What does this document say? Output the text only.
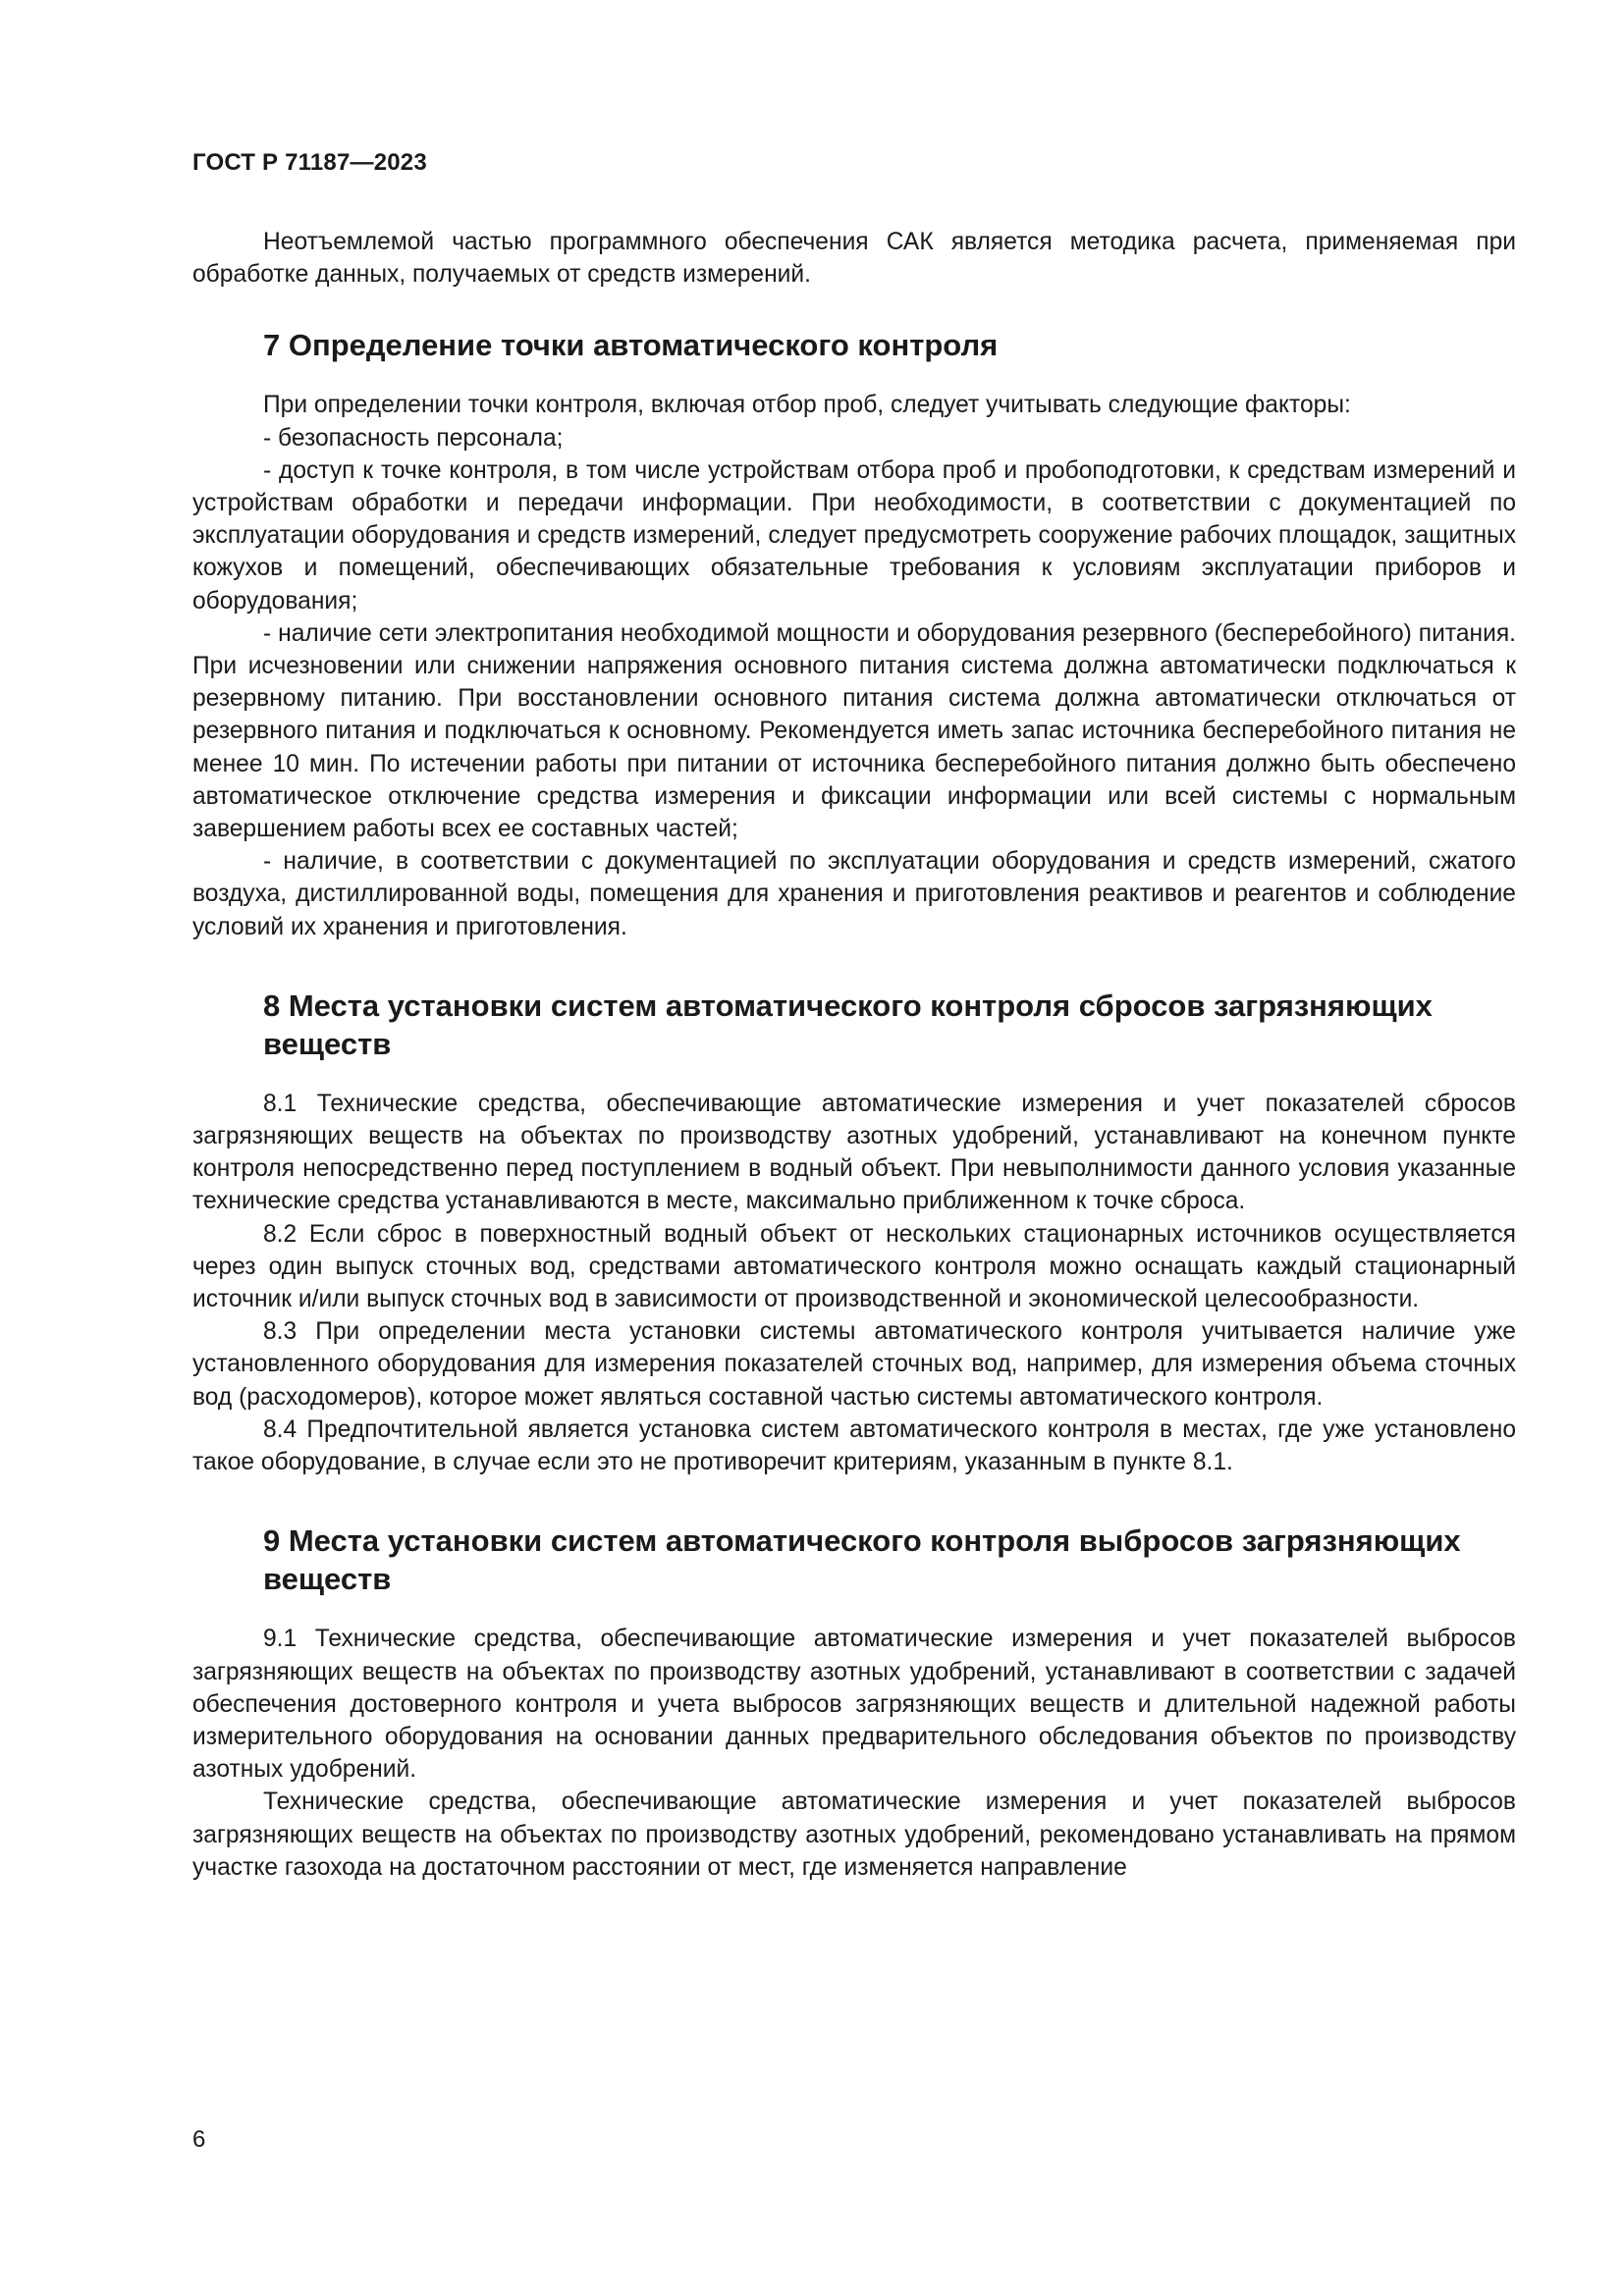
ГОСТ Р 71187—2023

Неотъемлемой частью программного обеспечения САК является методика расчета, применяемая при обработке данных, получаемых от средств измерений.

7 Определение точки автоматического контроля

При определении точки контроля, включая отбор проб, следует учитывать следующие факторы:

- безопасность персонала;

- доступ к точке контроля, в том числе устройствам отбора проб и пробоподготовки, к средствам измерений и устройствам обработки и передачи информации. При необходимости, в соответствии с документацией по эксплуатации оборудования и средств измерений, следует предусмотреть сооружение рабочих площадок, защитных кожухов и помещений, обеспечивающих обязательные требования к условиям эксплуатации приборов и оборудования;

- наличие сети электропитания необходимой мощности и оборудования резервного (бесперебойного) питания. При исчезновении или снижении напряжения основного питания система должна автоматически подключаться к резервному питанию. При восстановлении основного питания система должна автоматически отключаться от резервного питания и подключаться к основному. Рекомендуется иметь запас источника бесперебойного питания не менее 10 мин. По истечении работы при питании от источника бесперебойного питания должно быть обеспечено автоматическое отключение средства измерения и фиксации информации или всей системы с нормальным завершением работы всех ее составных частей;

- наличие, в соответствии с документацией по эксплуатации оборудования и средств измерений, сжатого воздуха, дистиллированной воды, помещения для хранения и приготовления реактивов и реагентов и соблюдение условий их хранения и приготовления.

8 Места установки систем автоматического контроля сбросов загрязняющих веществ

8.1 Технические средства, обеспечивающие автоматические измерения и учет показателей сбросов загрязняющих веществ на объектах по производству азотных удобрений, устанавливают на конечном пункте контроля непосредственно перед поступлением в водный объект. При невыполнимости данного условия указанные технические средства устанавливаются в месте, максимально приближенном к точке сброса.

8.2 Если сброс в поверхностный водный объект от нескольких стационарных источников осуществляется через один выпуск сточных вод, средствами автоматического контроля можно оснащать каждый стационарный источник и/или выпуск сточных вод в зависимости от производственной и экономической целесообразности.

8.3 При определении места установки системы автоматического контроля учитывается наличие уже установленного оборудования для измерения показателей сточных вод, например, для измерения объема сточных вод (расходомеров), которое может являться составной частью системы автоматического контроля.

8.4 Предпочтительной является установка систем автоматического контроля в местах, где уже установлено такое оборудование, в случае если это не противоречит критериям, указанным в пункте 8.1.

9 Места установки систем автоматического контроля выбросов загрязняющих веществ

9.1 Технические средства, обеспечивающие автоматические измерения и учет показателей выбросов загрязняющих веществ на объектах по производству азотных удобрений, устанавливают в соответствии с задачей обеспечения достоверного контроля и учета выбросов загрязняющих веществ и длительной надежной работы измерительного оборудования на основании данных предварительного обследования объектов по производству азотных удобрений.

Технические средства, обеспечивающие автоматические измерения и учет показателей выбросов загрязняющих веществ на объектах по производству азотных удобрений, рекомендовано устанавливать на прямом участке газохода на достаточном расстоянии от мест, где изменяется направление

6
